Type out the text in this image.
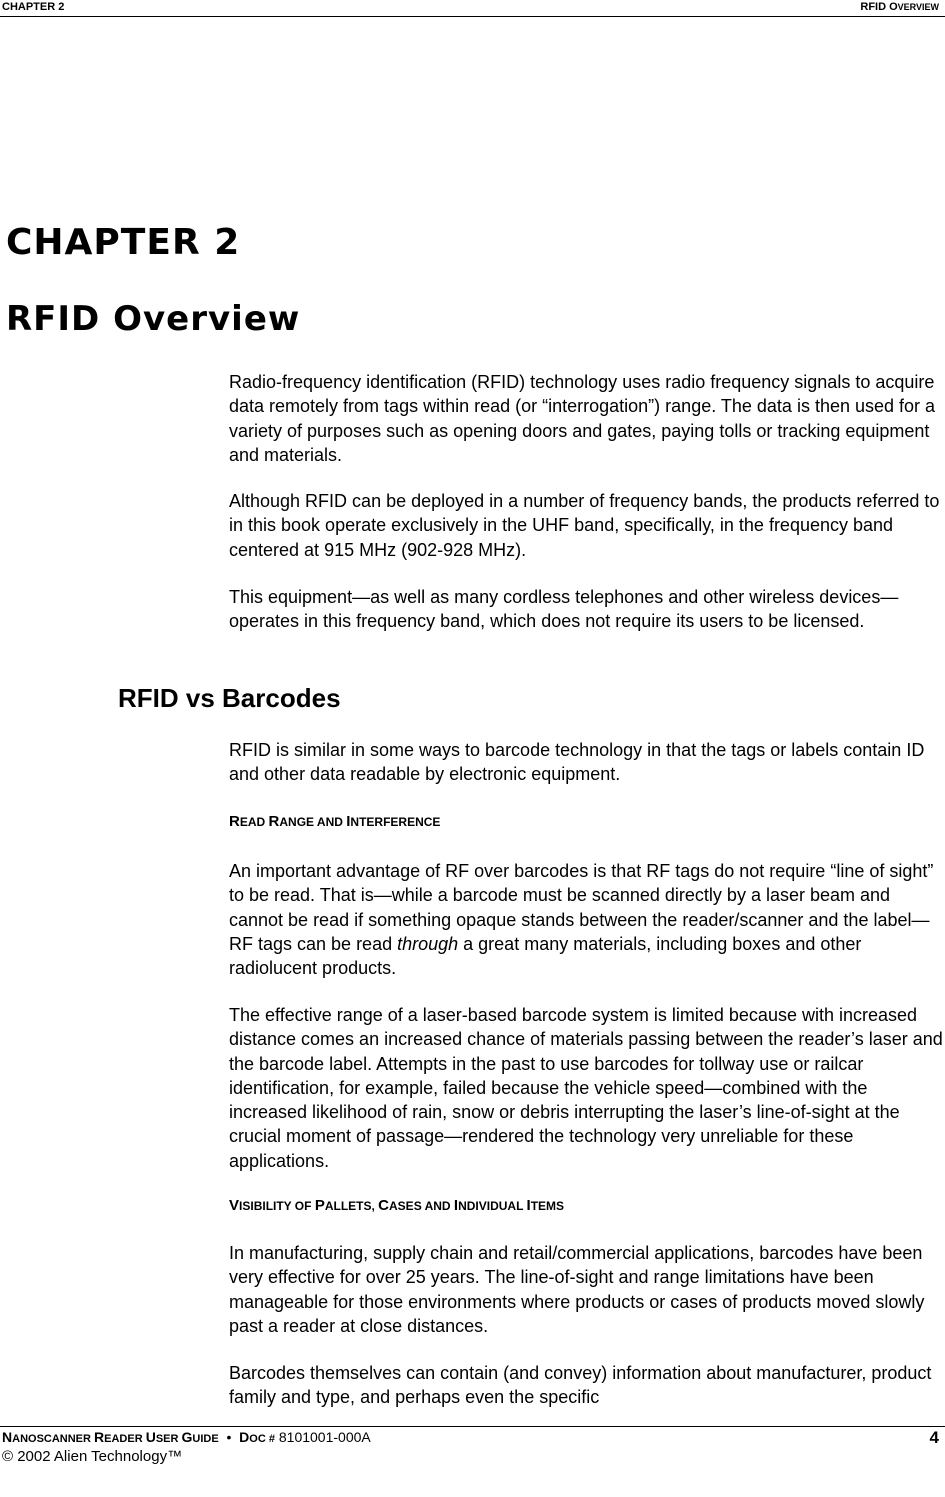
CHAPTER 2	RFID OVERVIEW
CHAPTER 2
RFID Overview

Radio-frequency identification (RFID) technology uses radio frequency signals to acquire data remotely from tags within read (or “interrogation”) range. The data is then used for a variety of purposes such as opening doors and gates, paying tolls or tracking equipment and materials.

Although RFID can be deployed in a number of frequency bands, the products referred to in this book operate exclusively in the UHF band, specifically, in the frequency band centered at 915 MHz (902-928 MHz).

This equipment—as well as many cordless telephones and other wireless devices—operates in this frequency band, which does not require its users to be licensed.

RFID vs Barcodes

RFID is similar in some ways to barcode technology in that the tags or labels contain ID and other data readable by electronic equipment.

READ RANGE AND INTERFERENCE

An important advantage of RF over barcodes is that RF tags do not require “line of sight” to be read. That is—while a barcode must be scanned directly by a laser beam and cannot be read if something opaque stands between the reader/scanner and the label—RF tags can be read through a great many materials, including boxes and other radiolucent products.

The effective range of a laser-based barcode system is limited because with increased distance comes an increased chance of materials passing between the reader’s laser and the barcode label. Attempts in the past to use barcodes for tollway use or railcar identification, for example, failed because the vehicle speed—combined with the increased likelihood of rain, snow or debris interrupting the laser’s line-of-sight at the crucial moment of passage—rendered the technology very unreliable for these applications.

VISIBILITY OF PALLETS, CASES AND INDIVIDUAL ITEMS

In manufacturing, supply chain and retail/commercial applications, barcodes have been very effective for over 25 years. The line-of-sight and range limitations have been manageable for those environments where products or cases of products moved slowly past a reader at close distances.

Barcodes themselves can contain (and convey) information about manufacturer, product family and type, and perhaps even the specific

NANOSCANNER READER USER GUIDE • DOC # 8101001-000A	4
© 2002 Alien Technology™
